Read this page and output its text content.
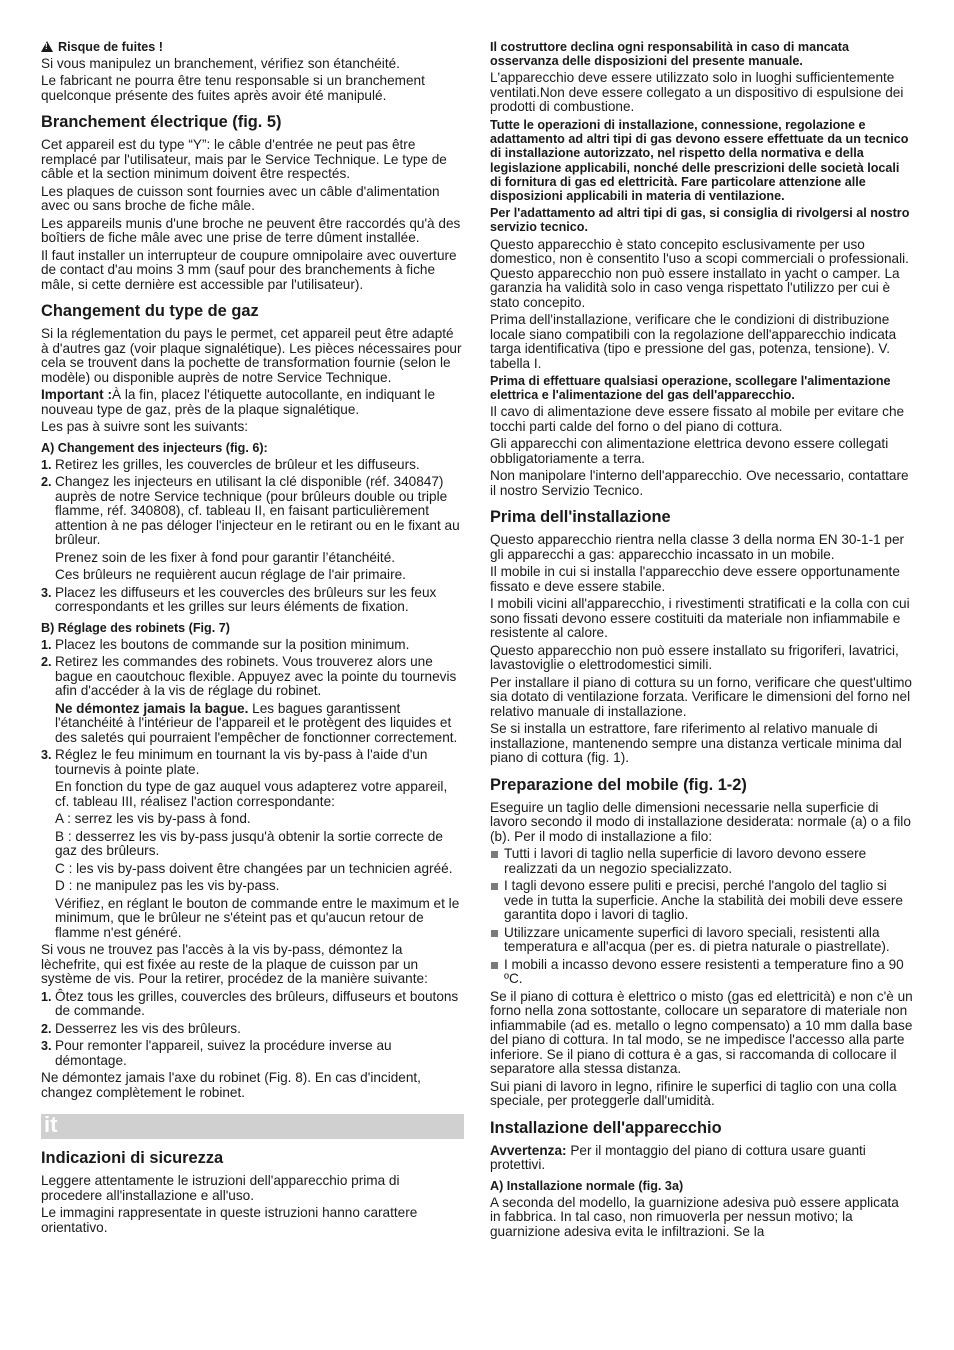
!Risque de fuites !

Si vous manipulez un branchement, vérifiez son étanchéité.

Le fabricant ne pourra être tenu responsable si un branchement quelconque présente des fuites après avoir été manipulé.

Branchement électrique (fig. 5)

Cet appareil est du type “Y”: le câble d'entrée ne peut pas être remplacé par l'utilisateur, mais par le Service Technique. Le type de câble et la section minimum doivent être respectés.

Les plaques de cuisson sont fournies avec un câble d'alimentation avec ou sans broche de fiche mâle.

Les appareils munis d'une broche ne peuvent être raccordés qu'à des boîtiers de fiche mâle avec une prise de terre dûment installée.

Il faut installer un interrupteur de coupure omnipolaire avec ouverture de contact d'au moins 3 mm (sauf pour des branchements à fiche mâle, si cette dernière est accessible par l'utilisateur).

Changement du type de gaz

Si la réglementation du pays le permet, cet appareil peut être adapté à d'autres gaz (voir plaque signalétique). Les pièces nécessaires pour cela se trouvent dans la pochette de transformation fournie (selon le modèle) ou disponible auprès de notre Service Technique.

Important :À la fin, placez l'étiquette autocollante, en indiquant le nouveau type de gaz, près de la plaque signalétique.

Les pas à suivre sont les suivants:

A) Changement des injecteurs (fig. 6):
1. Retirez les grilles, les couvercles de brûleur et les diffuseurs.
2. Changez les injecteurs en utilisant la clé disponible (réf. 340847) auprès de notre Service technique (pour brûleurs double ou triple flamme, réf. 340808), cf. tableau II, en faisant particulièrement attention à ne pas déloger l'injecteur en le retirant ou en le fixant au brûleur.

Prenez soin de les fixer à fond pour garantir l’étanchéité.

Ces brûleurs ne requièrent aucun réglage de l'air primaire.

3. Placez les diffuseurs et les couvercles des brûleurs sur les feux correspondants et les grilles sur leurs éléments de fixation.
B) Réglage des robinets (Fig. 7)
1. Placez les boutons de commande sur la position minimum.
2. Retirez les commandes des robinets. Vous trouverez alors une bague en caoutchouc flexible. Appuyez avec la pointe du tournevis afin d'accéder à la vis de réglage du robinet.

Ne démontez jamais la bague. Les bagues garantissent l'étanchéité à l'intérieur de l'appareil et le protègent des liquides et des saletés qui pourraient l'empêcher de fonctionner correctement.

3. Réglez le feu minimum en tournant la vis by-pass à l'aide d'un tournevis à pointe plate.

En fonction du type de gaz auquel vous adapterez votre appareil, cf. tableau III, réalisez l'action correspondante:

A : serrez les vis by-pass à fond.

B : desserrez les vis by-pass jusqu'à obtenir la sortie correcte de gaz des brûleurs.

C : les vis by-pass doivent être changées par un technicien agréé.

D : ne manipulez pas les vis by-pass.

Vérifiez, en réglant le bouton de commande entre le maximum et le minimum, que le brûleur ne s'éteint pas et qu'aucun retour de flamme n'est généré.

Si vous ne trouvez pas l'accès à la vis by-pass, démontez la lèchefrite, qui est fixée au reste de la plaque de cuisson par un système de vis. Pour la retirer, procédez de la manière suivante:

1. Ôtez tous les grilles, couvercles des brûleurs, diffuseurs et boutons de commande.
2. Desserrez les vis des brûleurs.
3. Pour remonter l'appareil, suivez la procédure inverse au démontage.

Ne démontez jamais l'axe du robinet (Fig. 8). En cas d'incident, changez complètement le robinet.

it
Indicazioni di sicurezza

Leggere attentamente le istruzioni dell'apparecchio prima di procedere all'installazione e all'uso.

Le immagini rappresentate in queste istruzioni hanno carattere orientativo.

Il costruttore declina ogni responsabilità in caso di mancata osservanza delle disposizioni del presente manuale.

L'apparecchio deve essere utilizzato solo in luoghi sufficientemente ventilati.Non deve essere collegato a un dispositivo di espulsione dei prodotti di combustione.

Tutte le operazioni di installazione, connessione, regolazione e adattamento ad altri tipi di gas devono essere effettuate da un tecnico di installazione autorizzato, nel rispetto della normativa e della legislazione applicabili, nonché delle prescrizioni delle società locali di fornitura di gas ed elettricità. Fare particolare attenzione alle disposizioni applicabili in materia di ventilazione.

Per l'adattamento ad altri tipi di gas, si consiglia di rivolgersi al nostro servizio tecnico.

Questo apparecchio è stato concepito esclusivamente per uso domestico, non è consentito l'uso a scopi commerciali o professionali. Questo apparecchio non può essere installato in yacht o camper. La garanzia ha validità solo in caso venga rispettato l'utilizzo per cui è stato concepito.

Prima dell'installazione, verificare che le condizioni di distribuzione locale siano compatibili con la regolazione dell'apparecchio indicata targa identificativa (tipo e pressione del gas, potenza, tensione). V. tabella I.

Prima di effettuare qualsiasi operazione, scollegare l'alimentazione elettrica e l'alimentazione del gas dell'apparecchio.

Il cavo di alimentazione deve essere fissato al mobile per evitare che tocchi parti calde del forno o del piano di cottura.

Gli apparecchi con alimentazione elettrica devono essere collegati obbligatoriamente a terra.

Non manipolare l'interno dell'apparecchio. Ove necessario, contattare il nostro Servizio Tecnico.

Prima dell'installazione

Questo apparecchio rientra nella classe 3 della norma EN 30-1-1 per gli apparecchi a gas: apparecchio incassato in un mobile.

Il mobile in cui si installa l'apparecchio deve essere opportunamente fissato e deve essere stabile.

I mobili vicini all'apparecchio, i rivestimenti stratificati e la colla con cui sono fissati devono essere costituiti da materiale non infiammabile e resistente al calore.

Questo apparecchio non può essere installato su frigoriferi, lavatrici, lavastoviglie o elettrodomestici simili.

Per installare il piano di cottura su un forno, verificare che quest'ultimo sia dotato di ventilazione forzata. Verificare le dimensioni del forno nel relativo manuale di installazione.

Se si installa un estrattore, fare riferimento al relativo manuale di installazione, mantenendo sempre una distanza verticale minima dal piano di cottura (fig. 1).

Preparazione del mobile (fig. 1-2)

Eseguire un taglio delle dimensioni necessarie nella superficie di lavoro secondo il modo di installazione desiderata: normale (a) o a filo (b). Per il modo di installazione a filo:

Tutti i lavori di taglio nella superficie di lavoro devono essere realizzati da un negozio specializzato.
I tagli devono essere puliti e precisi, perché l'angolo del taglio si vede in tutta la superficie. Anche la stabilità dei mobili deve essere garantita dopo i lavori di taglio.
Utilizzare unicamente superfici di lavoro speciali, resistenti alla temperatura e all'acqua (per es. di pietra naturale o piastrellate).
I mobili a incasso devono essere resistenti a temperature fino a 90 ºC.

Se il piano di cottura è elettrico o misto (gas ed elettricità) e non c'è un forno nella zona sottostante, collocare un separatore di materiale non infiammabile (ad es. metallo o legno compensato) a 10 mm dalla base del piano di cottura. In tal modo, se ne impedisce l'accesso alla parte inferiore. Se il piano di cottura è a gas, si raccomanda di collocare il separatore alla stessa distanza.

Sui piani di lavoro in legno, rifinire le superfici di taglio con una colla speciale, per proteggerle dall'umidità.

Installazione dell'apparecchio

Avvertenza: Per il montaggio del piano di cottura usare guanti protettivi.

A) Installazione normale (fig. 3a)

A seconda del modello, la guarnizione adesiva può essere applicata in fabbrica. In tal caso, non rimuoverla per nessun motivo; la guarnizione adesiva evita le infiltrazioni. Se la
